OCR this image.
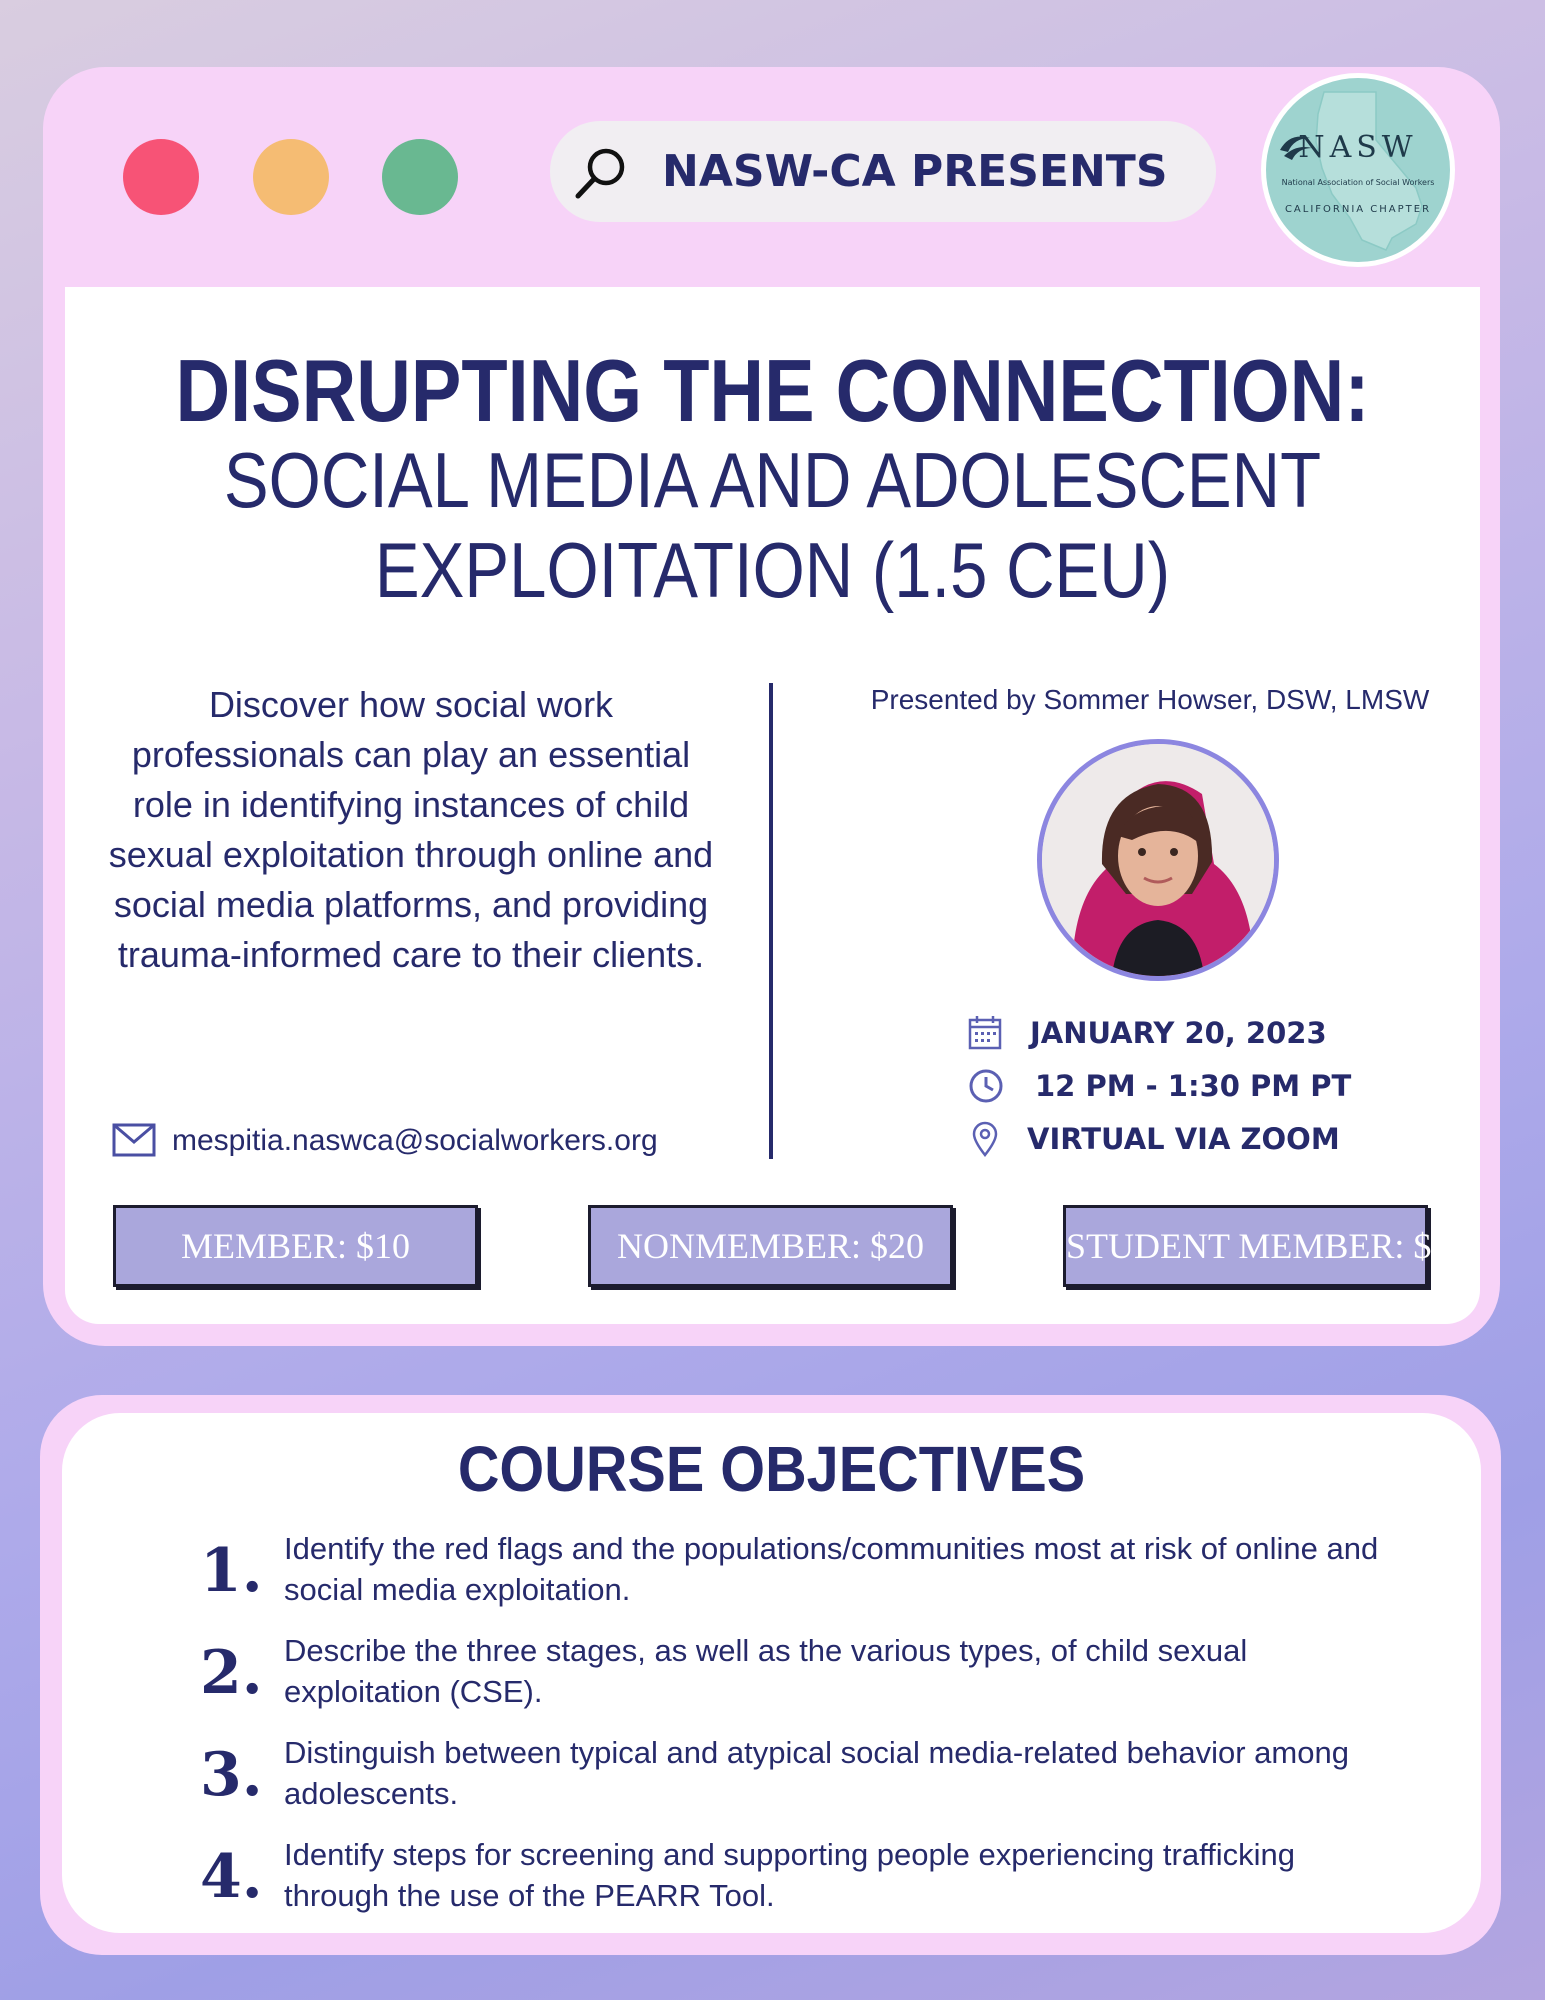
NASW-CA PRESENTS	NASW
National Association of Social Workers
CALIFORNIA CHAPTER
DISRUPTING THE CONNECTION:
SOCIAL MEDIA AND ADOLESCENT
EXPLOITATION (1.5 CEU)
Discover how social work professionals can play an essential role in identifying instances of child sexual exploitation through online and social media platforms, and providing trauma-informed care to their clients.
mespitia.naswca@socialworkers.org
Presented by Sommer Howser, DSW, LMSW
JANUARY 20, 2023
12 PM - 1:30 PM PT
VIRTUAL VIA ZOOM
MEMBER: $10	NONMEMBER: $20	STUDENT MEMBER: $5
COURSE OBJECTIVES
1. Identify the red flags and the populations/communities most at risk of online and social media exploitation.
2. Describe the three stages, as well as the various types, of child sexual exploitation (CSE).
3. Distinguish between typical and atypical social media-related behavior among adolescents.
4. Identify steps for screening and supporting people experiencing trafficking through the use of the PEARR Tool.
